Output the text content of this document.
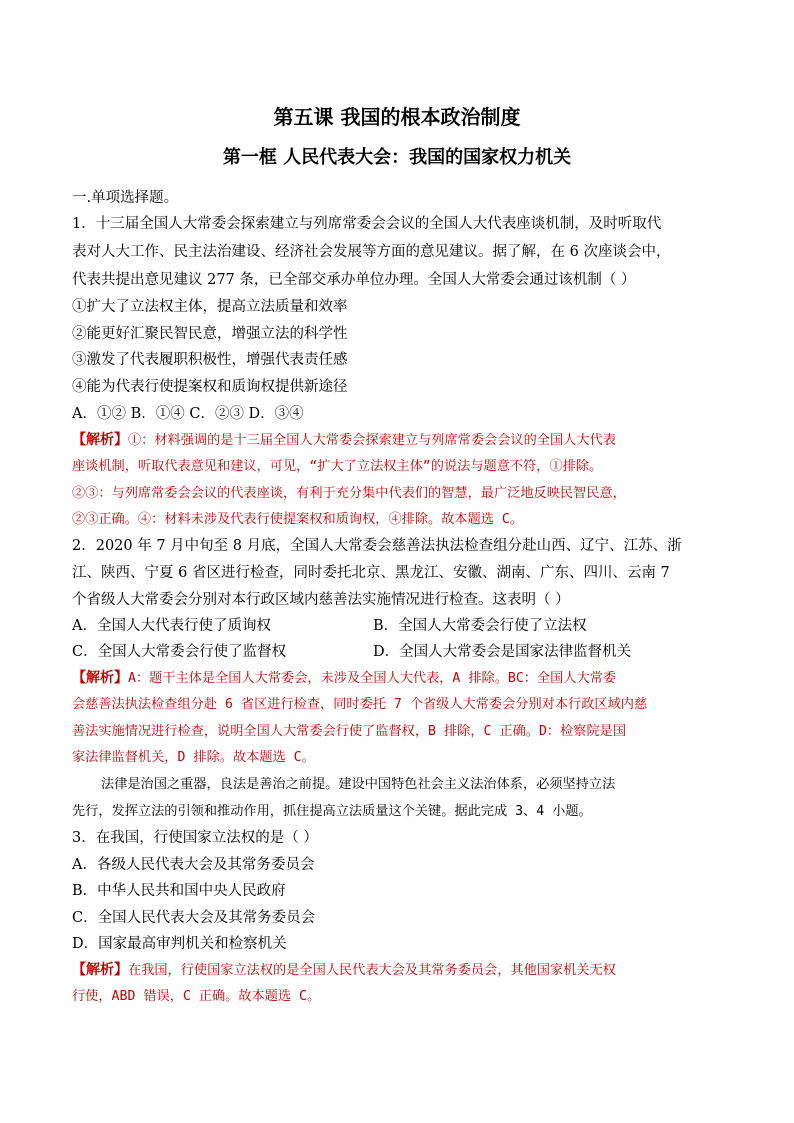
第五课 我国的根本政治制度
第一框 人民代表大会：我国的国家权力机关
一.单项选择题。
1．十三届全国人大常委会探索建立与列席常委会会议的全国人大代表座谈机制，及时听取代
表对人大工作、民主法治建设、经济社会发展等方面的意见建议。据了解，在 6 次座谈会中，
代表共提出意见建议 277 条，已全部交承办单位办理。全国人大常委会通过该机制（ ）
①扩大了立法权主体，提高立法质量和效率
②能更好汇聚民智民意，增强立法的科学性
③激发了代表履职积极性，增强代表责任感
④能为代表行使提案权和质询权提供新途径
A．①② B．①④ C．②③ D．③④
【解析】①：材料强调的是十三届全国人大常委会探索建立与列席常委会会议的全国人大代表
座谈机制，听取代表意见和建议，可见，“扩大了立法权主体”的说法与题意不符，①排除。
②③：与列席常委会会议的代表座谈，有利于充分集中代表们的智慧，最广泛地反映民智民意，
②③正确。④：材料未涉及代表行使提案权和质询权，④排除。故本题选 C。
2．2020 年 7 月中旬至 8 月底，全国人大常委会慈善法执法检查组分赴山西、辽宁、江苏、浙
江、陕西、宁夏 6 省区进行检查，同时委托北京、黑龙江、安徽、湖南、广东、四川、云南 7
个省级人大常委会分别对本行政区域内慈善法实施情况进行检查。这表明（ ）
A．全国人大代表行使了质询权	B．全国人大常委会行使了立法权
C．全国人大常委会行使了监督权	D．全国人大常委会是国家法律监督机关
【解析】A：题干主体是全国人大常委会，未涉及全国人大代表，A 排除。BC：全国人大常委
会慈善法执法检查组分赴 6 省区进行检查，同时委托 7 个省级人大常委会分别对本行政区域内慈
善法实施情况进行检查，说明全国人大常委会行使了监督权，B 排除，C 正确。D：检察院是国
家法律监督机关，D 排除。故本题选 C。
法律是治国之重器，良法是善治之前提。建设中国特色社会主义法治体系，必须坚持立法
先行，发挥立法的引领和推动作用，抓住提高立法质量这个关键。据此完成 3、4 小题。
3．在我国，行使国家立法权的是（ ）
A．各级人民代表大会及其常务委员会
B．中华人民共和国中央人民政府
C．全国人民代表大会及其常务委员会
D．国家最高审判机关和检察机关
【解析】在我国，行使国家立法权的是全国人民代表大会及其常务委员会，其他国家机关无权
行使，ABD 错误，C 正确。故本题选 C。
